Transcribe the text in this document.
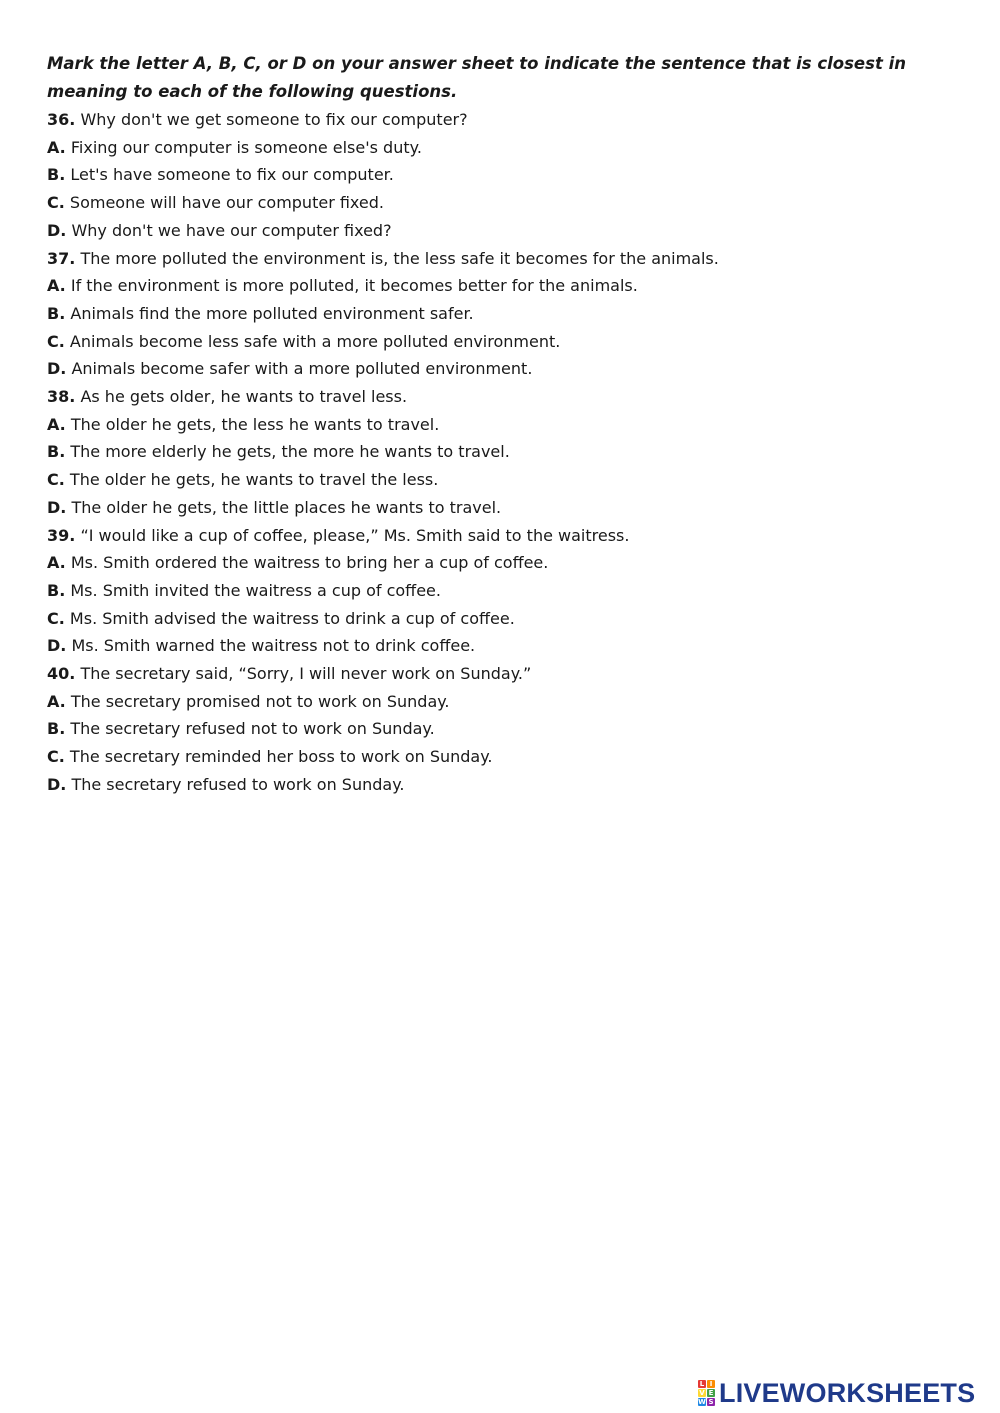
Mark the letter A, B, C, or D on your answer sheet to indicate the sentence that is closest in meaning to each of the following questions.

36. Why don't we get someone to fix our computer?
A. Fixing our computer is someone else's duty.
B. Let's have someone to fix our computer.
C. Someone will have our computer fixed.
D. Why don't we have our computer fixed?
37. The more polluted the environment is, the less safe it becomes for the animals.
A. If the environment is more polluted, it becomes better for the animals.
B. Animals find the more polluted environment safer.
C. Animals become less safe with a more polluted environment.
D. Animals become safer with a more polluted environment.
38. As he gets older, he wants to travel less.
A. The older he gets, the less he wants to travel.
B. The more elderly he gets, the more he wants to travel.
C. The older he gets, he wants to travel the less.
D. The older he gets, the little places he wants to travel.
39. “I would like a cup of coffee, please,” Ms. Smith said to the waitress.
A. Ms. Smith ordered the waitress to bring her a cup of coffee.
B. Ms. Smith invited the waitress a cup of coffee.
C. Ms. Smith advised the waitress to drink a cup of coffee.
D. Ms. Smith warned the waitress not to drink coffee.
40. The secretary said, “Sorry, I will never work on Sunday.”
A. The secretary promised not to work on Sunday.
B. The secretary refused not to work on Sunday.
C. The secretary reminded her boss to work on Sunday.
D. The secretary refused to work on Sunday.
L I
V E
W S LIVEWORKSHEETS
